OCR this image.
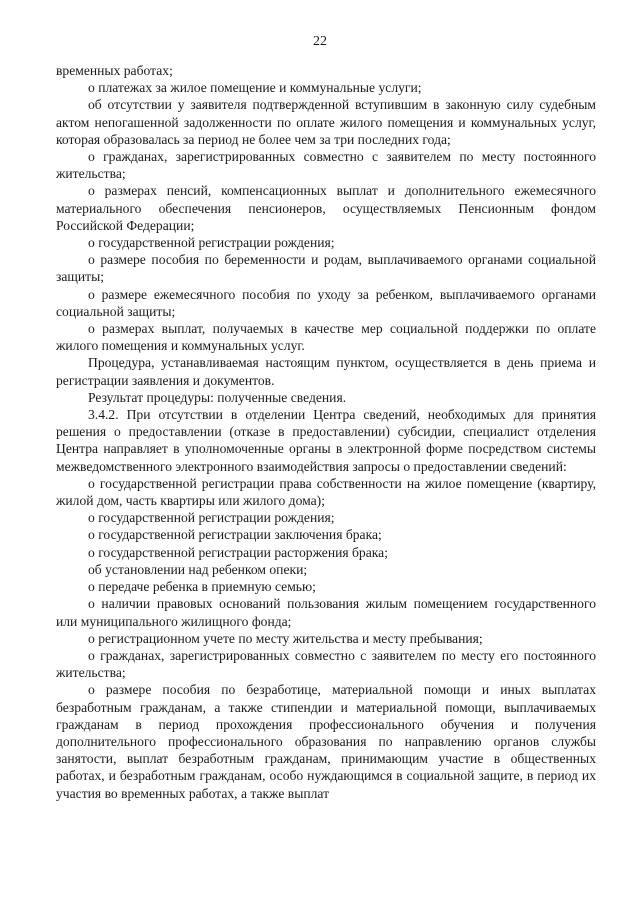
22

временных работах;

о платежах за жилое помещение и коммунальные услуги;

об отсутствии у заявителя подтвержденной вступившим в законную силу судебным актом непогашенной задолженности по оплате жилого помещения и коммунальных услуг, которая образовалась за период не более чем за три последних года;

о гражданах, зарегистрированных совместно с заявителем по месту постоянного жительства;

о размерах пенсий, компенсационных выплат и дополнительного ежемесячного материального обеспечения пенсионеров, осуществляемых Пенсионным фондом Российской Федерации;

о государственной регистрации рождения;

о размере пособия по беременности и родам, выплачиваемого органами социальной защиты;

о размере ежемесячного пособия по уходу за ребенком, выплачиваемого органами социальной защиты;

о размерах выплат, получаемых в качестве мер социальной поддержки по оплате жилого помещения и коммунальных услуг.

Процедура, устанавливаемая настоящим пунктом, осуществляется в день приема и регистрации заявления и документов.

Результат процедуры: полученные сведения.

3.4.2. При отсутствии в отделении Центра сведений, необходимых для принятия решения о предоставлении (отказе в предоставлении) субсидии, специалист отделения Центра направляет в уполномоченные органы в электронной форме посредством системы межведомственного электронного взаимодействия запросы о предоставлении сведений:

о государственной регистрации права собственности на жилое помещение (квартиру, жилой дом, часть квартиры или жилого дома);

о государственной регистрации рождения;

о государственной регистрации заключения брака;

о государственной регистрации расторжения брака;

об установлении над ребенком опеки;

о передаче ребенка в приемную семью;

о наличии правовых оснований пользования жилым помещением государственного или муниципального жилищного фонда;

о регистрационном учете по месту жительства и месту пребывания;

о гражданах, зарегистрированных совместно с заявителем по месту его постоянного жительства;

о размере пособия по безработице, материальной помощи и иных выплатах безработным гражданам, а также стипендии и материальной помощи, выплачиваемых гражданам в период прохождения профессионального обучения и получения дополнительного профессионального образования по направлению органов службы занятости, выплат безработным гражданам, принимающим участие в общественных работах, и безработным гражданам, особо нуждающимся в социальной защите, в период их участия во временных работах, а также выплат
